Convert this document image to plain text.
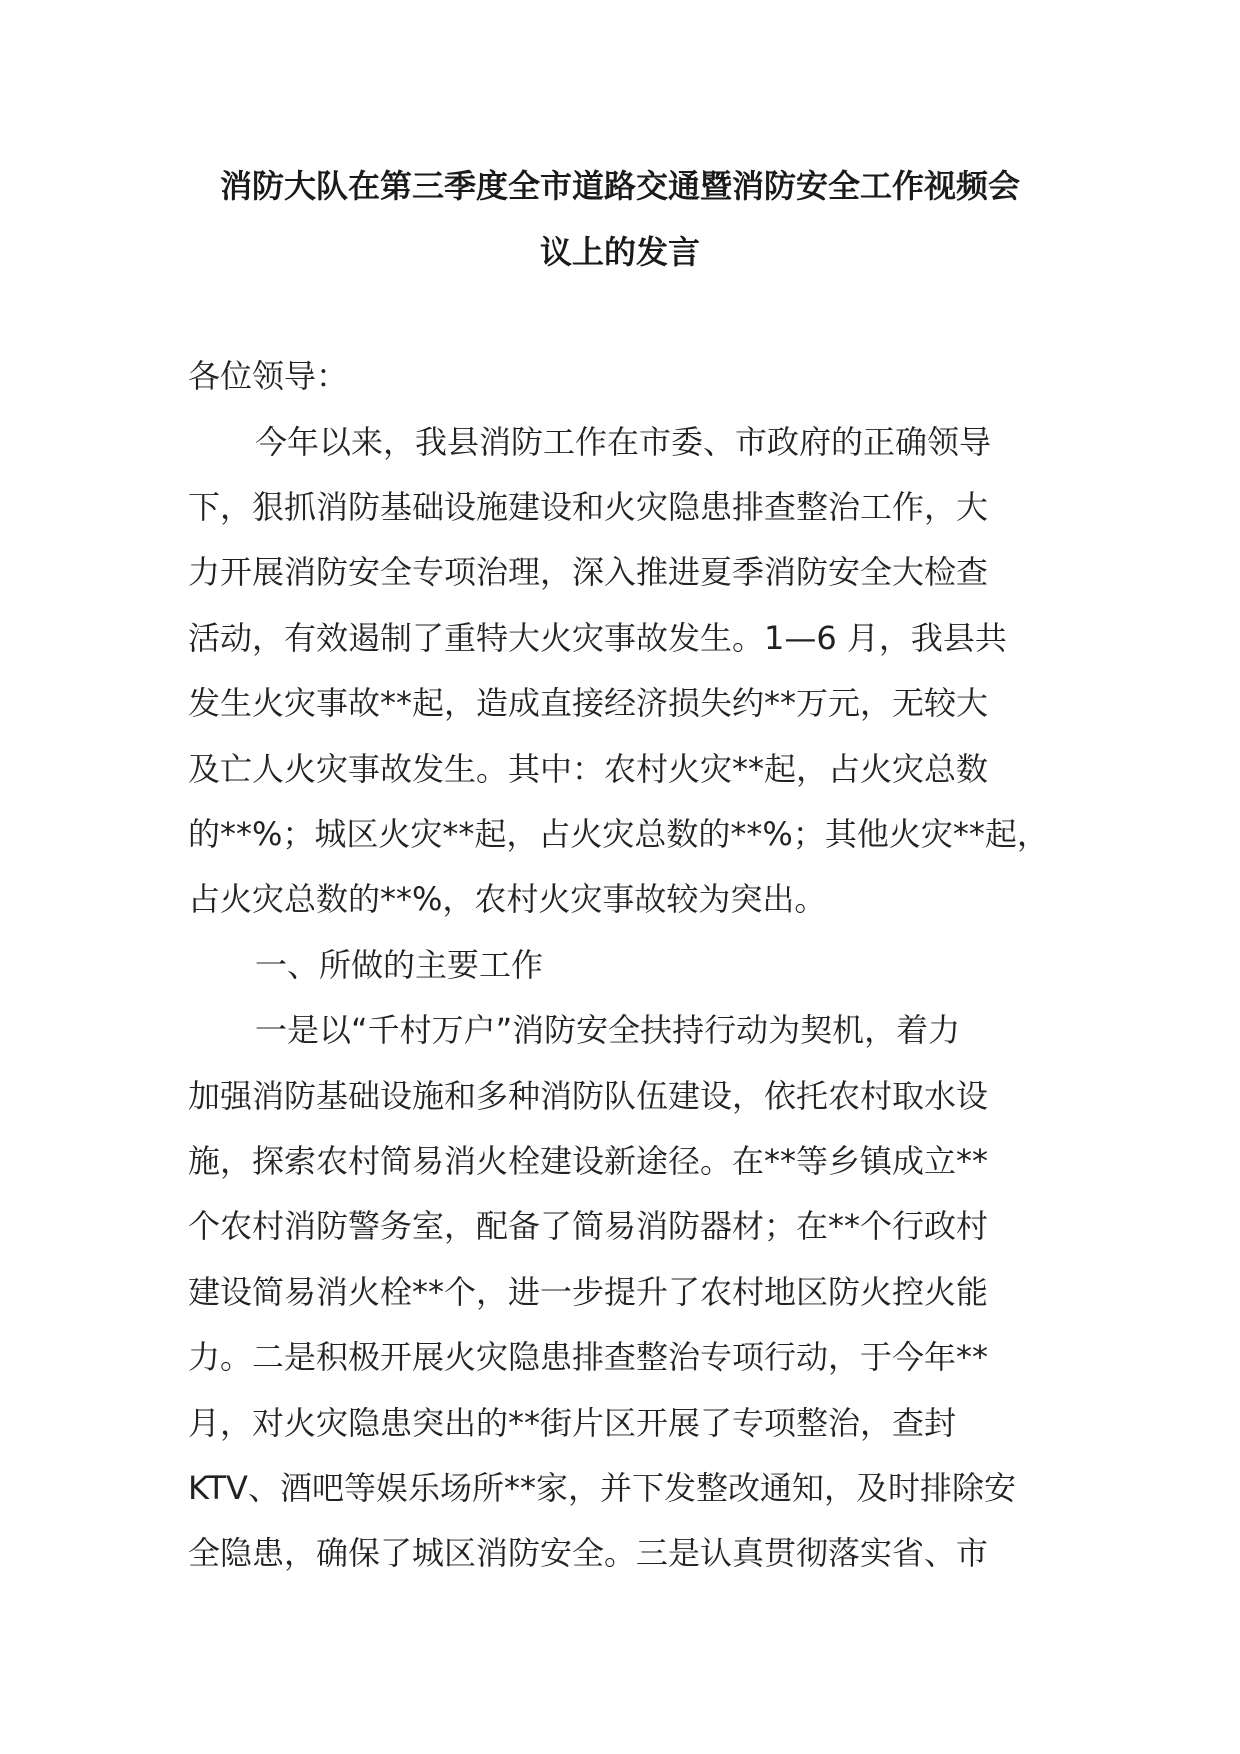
消防大队在第三季度全市道路交通暨消防安全工作视频会
议上的发言
各位领导：
今年以来，我县消防工作在市委、市政府的正确领导
下，狠抓消防基础设施建设和火灾隐患排查整治工作，大
力开展消防安全专项治理，深入推进夏季消防安全大检查
活动，有效遏制了重特大火灾事故发生。1—6 月，我县共
发生火灾事故**起，造成直接经济损失约**万元，无较大
及亡人火灾事故发生。其中：农村火灾**起，占火灾总数
的**%；城区火灾**起，占火灾总数的**%；其他火灾**起，
占火灾总数的**%，农村火灾事故较为突出。
一、所做的主要工作
一是以“千村万户”消防安全扶持行动为契机，着力
加强消防基础设施和多种消防队伍建设，依托农村取水设
施，探索农村简易消火栓建设新途径。在**等乡镇成立**
个农村消防警务室，配备了简易消防器材；在**个行政村
建设简易消火栓**个，进一步提升了农村地区防火控火能
力。二是积极开展火灾隐患排查整治专项行动，于今年**
月，对火灾隐患突出的**街片区开展了专项整治，查封
KTV、酒吧等娱乐场所**家，并下发整改通知，及时排除安
全隐患，确保了城区消防安全。三是认真贯彻落实省、市
